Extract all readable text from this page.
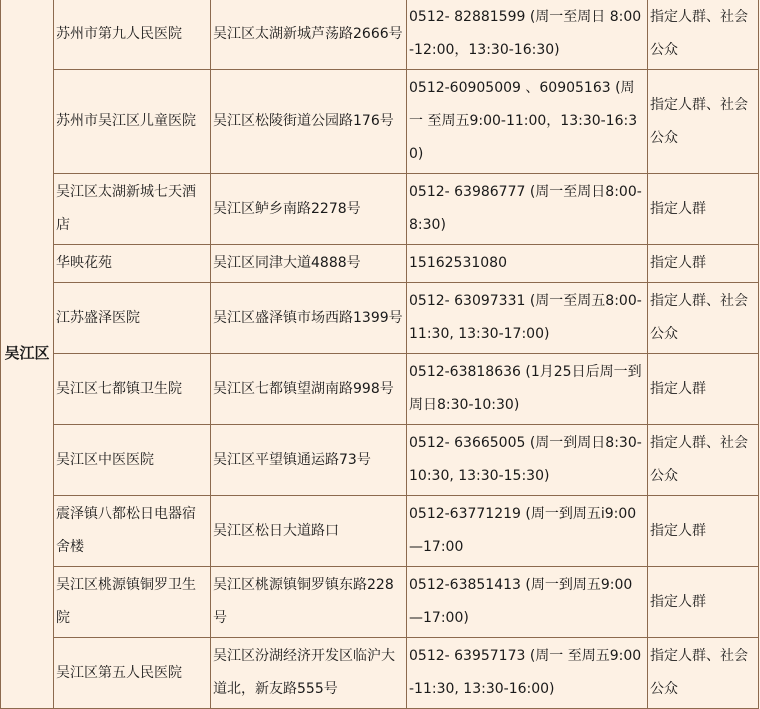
吴江区	苏州市第九人民医院	吴江区太湖新城芦荡路2666号	0512- 82881599 (周一至周日 8:00-12:00，13:30-16:30)	指定人群、社会公众
	苏州市吴江区儿童医院	吴江区松陵街道公园路176号	0512-60905009 、60905163 (周一 至周五9:00-11:00，13:30-16:30)	指定人群、社会公众
	吴江区太湖新城七天酒店	吴江区鲈乡南路2278号	0512- 63986777 (周一至周日8:00-8:30)	指定人群
	华映花苑	吴江区同津大道4888号	15162531080	指定人群
	江苏盛泽医院	吴江区盛泽镇市场西路1399号	0512- 63097331 (周一至周五8:00-11:30, 13:30-17:00)	指定人群、社会公众
	吴江区七都镇卫生院	吴江区七都镇望湖南路998号	0512-63818636 (1月25日后周一到周日8:30-10:30)	指定人群
	吴江区中医医院	吴江区平望镇通运路73号	0512- 63665005 (周一到周日8:30-10:30, 13:30-15:30)	指定人群、社会公众
	震泽镇八都松日电器宿舍楼	吴江区松日大道路口	0512-63771219 (周一到周五i9:00—17:00	指定人群
	吴江区桃源镇铜罗卫生院	吴江区桃源镇铜罗镇东路228号	0512-63851413 (周一到周五9:00—17:00)	指定人群
	吴江区第五人民医院	吴江区汾湖经济开发区临沪大道北，新友路555号	0512- 63957173 (周一 至周五9:00-11:30, 13:30-16:00)	指定人群、社会公众
